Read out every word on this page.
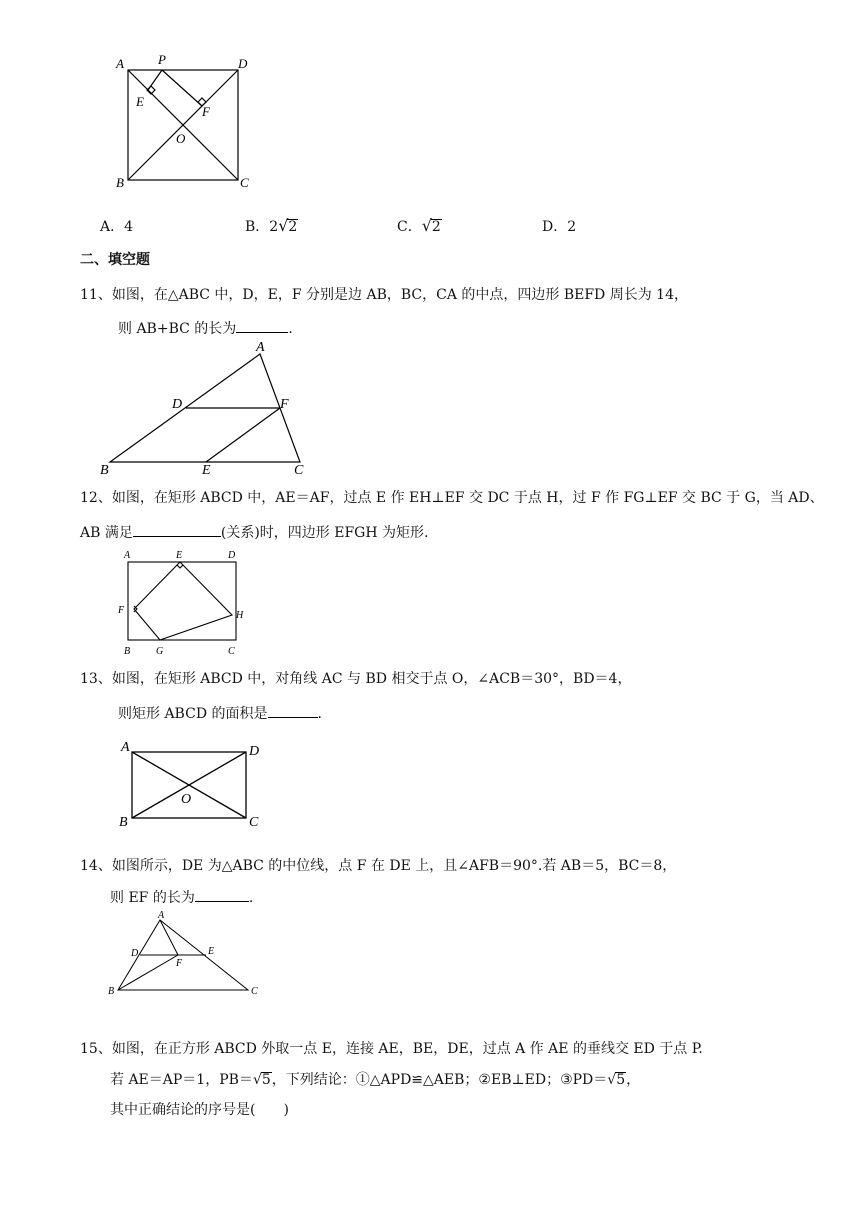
A	P	D
E
F
O
B	C
A．4	B．2√2	C．√2	D．2
二、填空题
11、如图，在△ABC 中，D，E，F 分别是边 AB，BC，CA 的中点，四边形 BEFD 周长为 14，
则 AB+BC 的长为	.
A
D	F
B	E	C
12、如图，在矩形 ABCD 中，AE＝AF，过点 E 作 EH⊥EF 交 DC 于点 H，过 F 作 FG⊥EF 交 BC 于 G，当 AD、
AB 满足	(关系)时，四边形 EFGH 为矩形.
A	E	D
F	H
B	G	C
13、如图，在矩形 ABCD 中，对角线 AC 与 BD 相交于点 O，∠ACB＝30°，BD＝4，
则矩形 ABCD 的面积是	.
A	D
O
B	C
14、如图所示，DE 为△ABC 的中位线，点 F 在 DE 上，且∠AFB＝90°.若 AB＝5，BC＝8，
则 EF 的长为	.
A
D	E
F
B	C
15、如图，在正方形 ABCD 外取一点 E，连接 AE，BE，DE，过点 A 作 AE 的垂线交 ED 于点 P.
若 AE＝AP＝1，PB＝√5，下列结论：①△APD≌△AEB；②EB⊥ED；③PD＝√5，
其中正确结论的序号是(　　)
